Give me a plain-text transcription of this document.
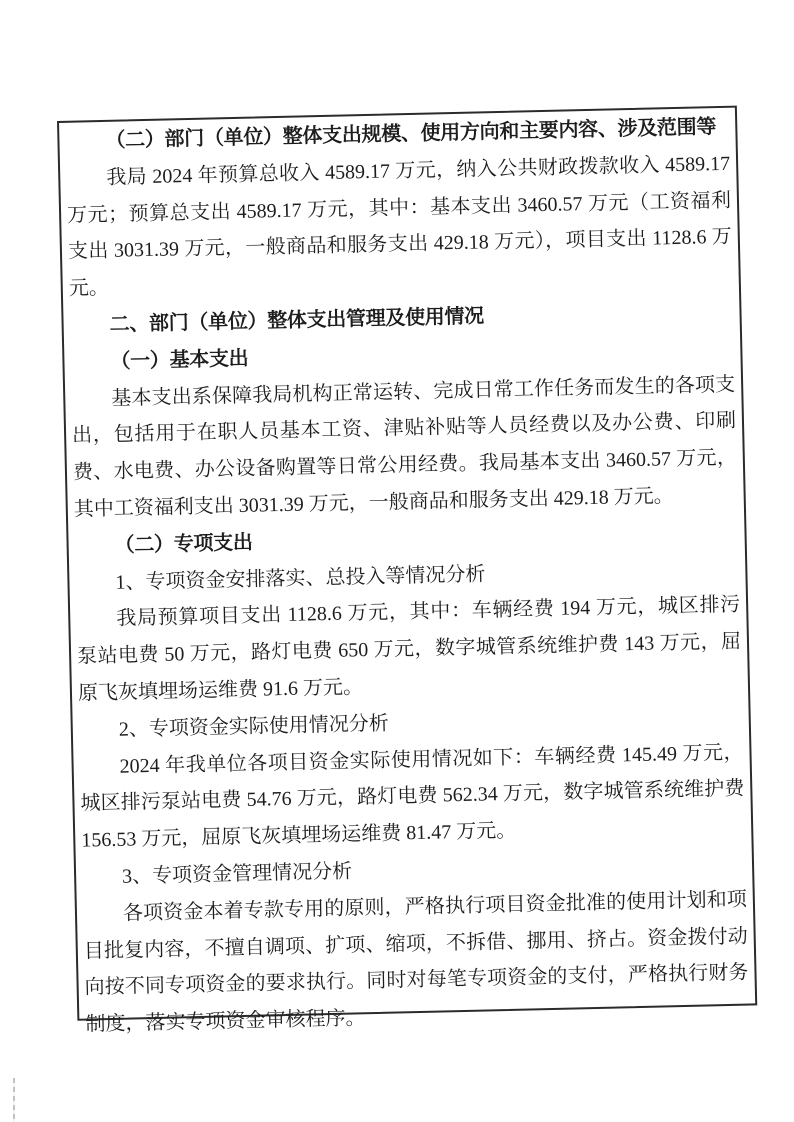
（二）部门（单位）整体支出规模、使用方向和主要内容、涉及范围等

我局 2024 年预算总收入 4589.17 万元，纳入公共财政拨款收入 4589.17 万元；预算总支出 4589.17 万元，其中：基本支出 3460.57 万元（工资福利支出 3031.39 万元，一般商品和服务支出 429.18 万元），项目支出 1128.6 万元。

二、部门（单位）整体支出管理及使用情况

（一）基本支出

基本支出系保障我局机构正常运转、完成日常工作任务而发生的各项支出，包括用于在职人员基本工资、津贴补贴等人员经费以及办公费、印刷费、水电费、办公设备购置等日常公用经费。我局基本支出 3460.57 万元，其中工资福利支出 3031.39 万元，一般商品和服务支出 429.18 万元。

（二）专项支出

1、专项资金安排落实、总投入等情况分析

我局预算项目支出 1128.6 万元，其中：车辆经费 194 万元，城区排污泵站电费 50 万元，路灯电费 650 万元，数字城管系统维护费 143 万元，屈原飞灰填埋场运维费 91.6 万元。

2、专项资金实际使用情况分析

2024 年我单位各项目资金实际使用情况如下：车辆经费 145.49 万元，城区排污泵站电费 54.76 万元，路灯电费 562.34 万元，数字城管系统维护费 156.53 万元，屈原飞灰填埋场运维费 81.47 万元。

3、专项资金管理情况分析

各项资金本着专款专用的原则，严格执行项目资金批准的使用计划和项目批复内容，不擅自调项、扩项、缩项，不拆借、挪用、挤占。资金拨付动向按不同专项资金的要求执行。同时对每笔专项资金的支付，严格执行财务制度，落实专项资金审核程序。
